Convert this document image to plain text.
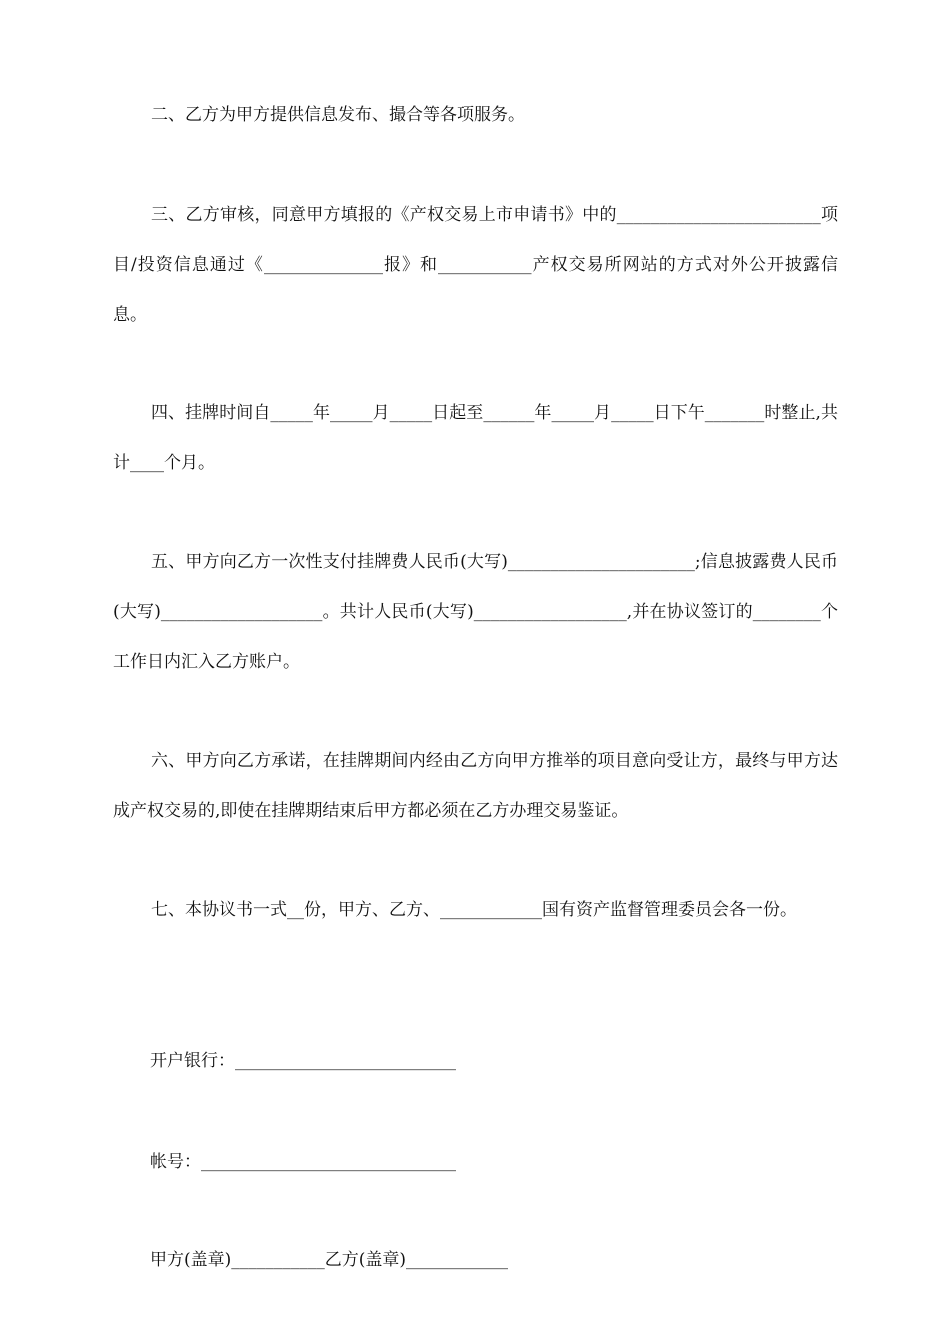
二、乙方为甲方提供信息发布、撮合等各项服务。

三、乙方审核，同意甲方填报的《产权交易上市申请书》中的________________________项目/投资信息通过《______________报》和___________产权交易所网站的方式对外公开披露信息。

四、挂牌时间自_____年_____月_____日起至______年_____月_____日下午_______时整止,共计____个月。

五、甲方向乙方一次性支付挂牌费人民币(大写)______________________;信息披露费人民币(大写)___________________。共计人民币(大写)__________________,并在协议签订的________个工作日内汇入乙方账户。

六、甲方向乙方承诺，在挂牌期间内经由乙方向甲方推举的项目意向受让方，最终与甲方达成产权交易的,即使在挂牌期结束后甲方都必须在乙方办理交易鉴证。

七、本协议书一式__份，甲方、乙方、____________国有资产监督管理委员会各一份。

开户银行：__________________________

帐号：______________________________

甲方(盖章)___________乙方(盖章)____________
